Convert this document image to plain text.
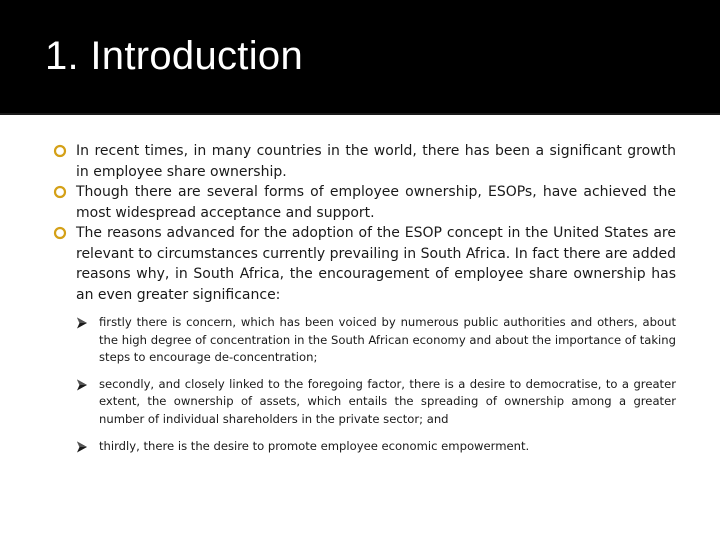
1. Introduction

In recent times, in many countries in the world, there has been a significant growth in employee share ownership.

Though there are several forms of employee ownership, ESOPs, have achieved the most widespread acceptance and support.

The reasons advanced for the adoption of the ESOP concept in the United States are relevant to circumstances currently prevailing in South Africa. In fact there are added reasons why, in South Africa, the encouragement of employee share ownership has an even greater significance:

firstly there is concern, which has been voiced by numerous public authorities and others, about the high degree of concentration in the South African economy and about the importance of taking steps to encourage de-concentration;

secondly, and closely linked to the foregoing factor, there is a desire to democratise, to a greater extent, the ownership of assets, which entails the spreading of ownership among a greater number of individual shareholders in the private sector; and

thirdly, there is the desire to promote employee economic empowerment.
